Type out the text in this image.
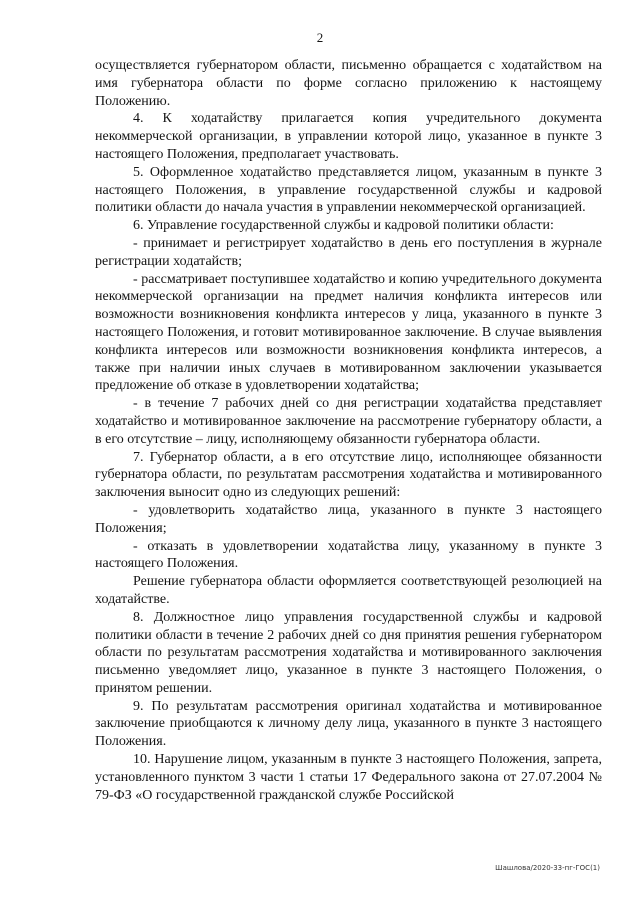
2

осуществляется губернатором области, письменно обращается с ходатайством на имя губернатора области по форме согласно приложению к настоящему Положению.

4. К ходатайству прилагается копия учредительного документа некоммерческой организации, в управлении которой лицо, указанное в пункте 3 настоящего Положения, предполагает участвовать.

5. Оформленное ходатайство представляется лицом, указанным в пункте 3 настоящего Положения, в управление государственной службы и кадровой политики области до начала участия в управлении некоммерческой организацией.

6. Управление государственной службы и кадровой политики области:

- принимает и регистрирует ходатайство в день его поступления в журнале регистрации ходатайств;

- рассматривает поступившее ходатайство и копию учредительного документа некоммерческой организации на предмет наличия конфликта интересов или возможности возникновения конфликта интересов у лица, указанного в пункте 3 настоящего Положения, и готовит мотивированное заключение. В случае выявления конфликта интересов или возможности возникновения конфликта интересов, а также при наличии иных случаев в мотивированном заключении указывается предложение об отказе в удовлетворении ходатайства;

- в течение 7 рабочих дней со дня регистрации ходатайства представляет ходатайство и мотивированное заключение на рассмотрение губернатору области, а в его отсутствие – лицу, исполняющему обязанности губернатора области.

7. Губернатор области, а в его отсутствие лицо, исполняющее обязанности губернатора области, по результатам рассмотрения ходатайства и мотивированного заключения выносит одно из следующих решений:

- удовлетворить ходатайство лица, указанного в пункте 3 настоящего Положения;

- отказать в удовлетворении ходатайства лицу, указанному в пункте 3 настоящего Положения.

Решение губернатора области оформляется соответствующей резолюцией на ходатайстве.

8. Должностное лицо управления государственной службы и кадровой политики области в течение 2 рабочих дней со дня принятия решения губернатором области по результатам рассмотрения ходатайства и мотивированного заключения письменно уведомляет лицо, указанное в пункте 3 настоящего Положения, о принятом решении.

9. По результатам рассмотрения оригинал ходатайства и мотивированное заключение приобщаются к личному делу лица, указанного в пункте 3 настоящего Положения.

10. Нарушение лицом, указанным в пункте 3 настоящего Положения, запрета, установленного пунктом 3 части 1 статьи 17 Федерального закона от 27.07.2004 № 79-ФЗ «О государственной гражданской службе Российской

Шашлова/2020-33-пг-ГОС(1)
